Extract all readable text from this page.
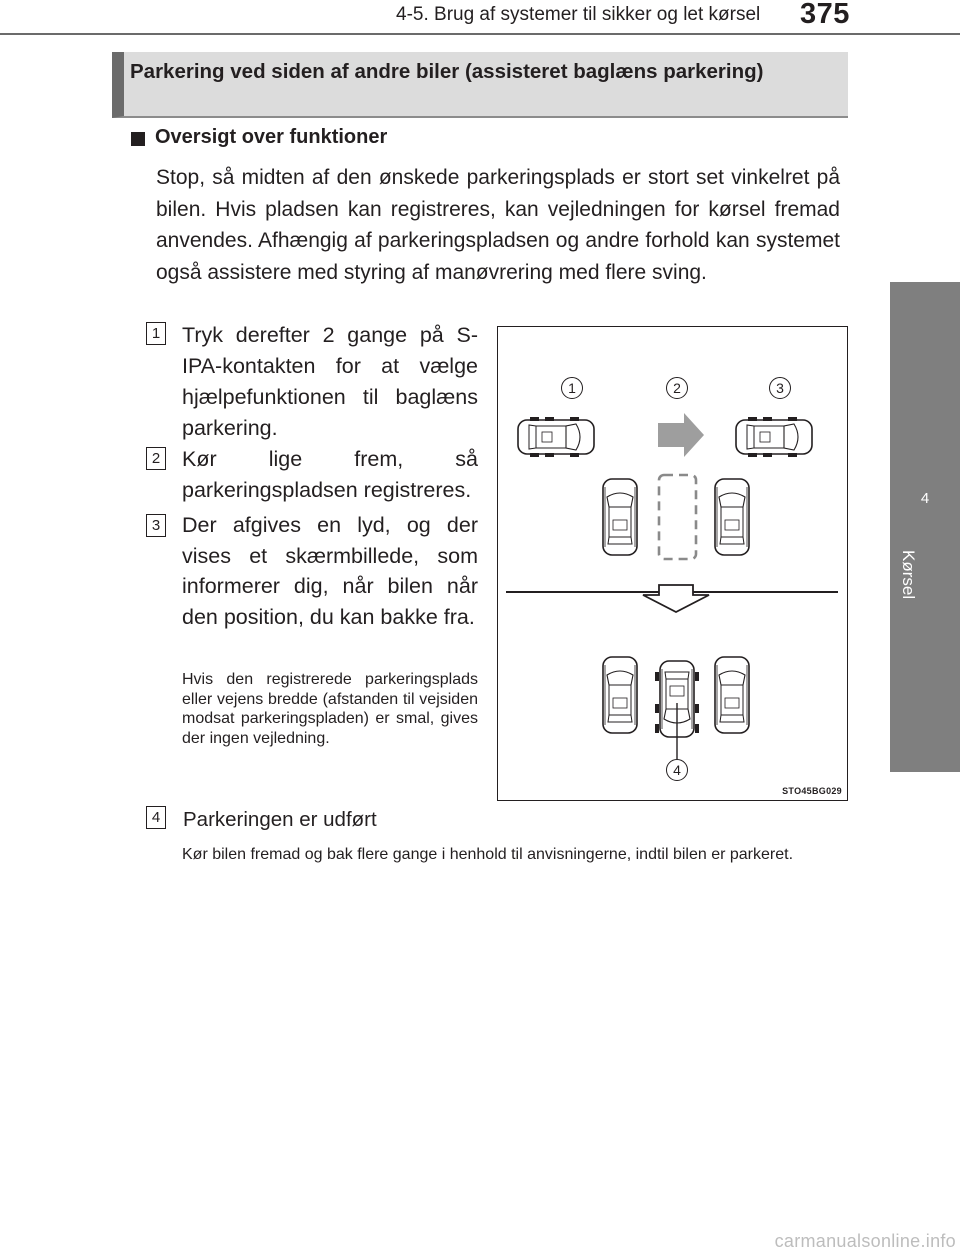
4-5. Brug af systemer til sikker og let kørsel 375
4
Kørsel
Parkering ved siden af andre biler (assisteret baglæns parkering)
Oversigt over funktioner
Stop, så midten af den ønskede parkeringsplads er stort set vinkelret på bilen. Hvis pladsen kan registreres, kan vejledningen for kørsel fremad anvendes. Afhængig af parkeringspladsen og andre forhold kan systemet også assistere med styring af manøvrering med flere sving.
1 Tryk derefter 2 gange på S-IPA-kontakten for at vælge hjælpefunktionen til baglæns parkering.
2 Kør lige frem, så parkeringspladsen registreres.
3 Der afgives en lyd, og der vises et skærmbillede, som informerer dig, når bilen når den position, du kan bakke fra.
Hvis den registrerede parkeringsplads eller vejens bredde (afstanden til vejsiden modsat parkeringspladen) er smal, gives der ingen vejledning.
4 Parkeringen er udført
Kør bilen fremad og bak flere gange i henhold til anvisningerne, indtil bilen er parkeret.
1	2	3
4
STO45BG029
carmanualsonline.info
